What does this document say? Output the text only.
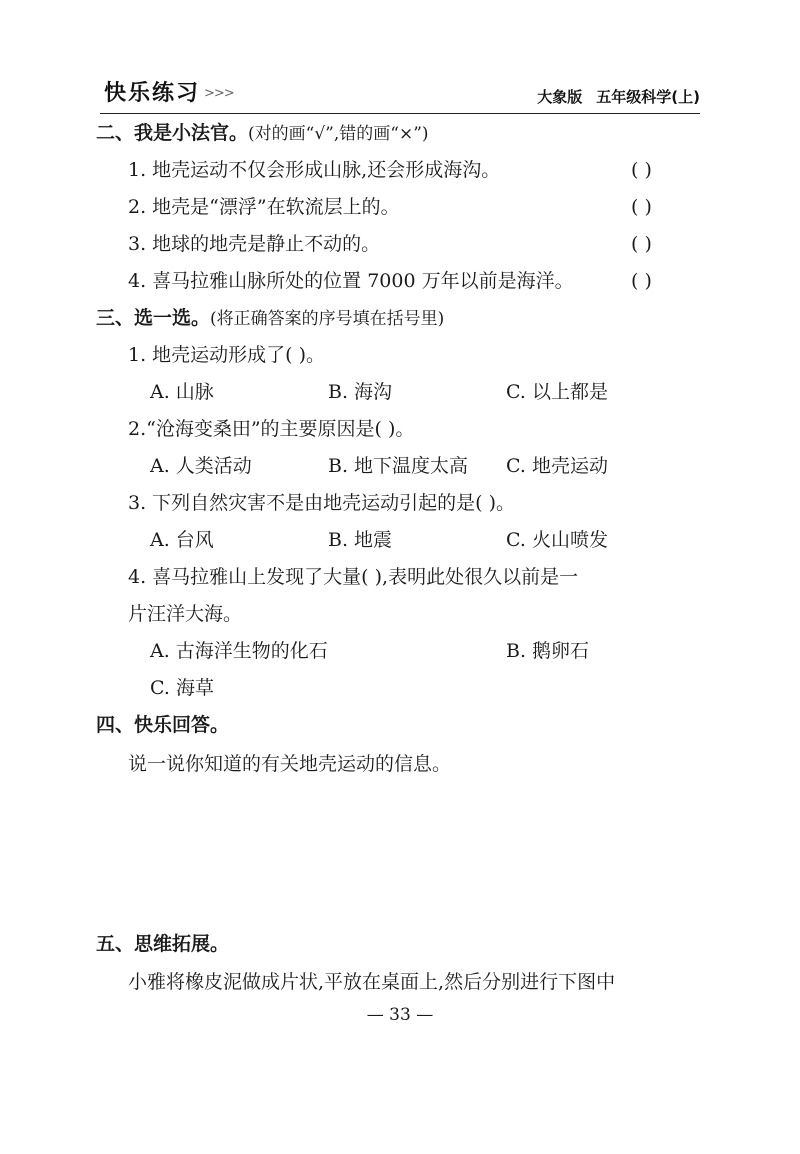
快乐练习 >>>	大象版 五年级科学(上)
二、我是小法官。(对的画“√”,错的画“×”)
1. 地壳运动不仅会形成山脉,还会形成海沟。	( )
2. 地壳是“漂浮”在软流层上的。	( )
3. 地球的地壳是静止不动的。	( )
4. 喜马拉雅山脉所处的位置 7000 万年以前是海洋。	( )
三、选一选。(将正确答案的序号填在括号里)
1. 地壳运动形成了( )。
A. 山脉	B. 海沟	C. 以上都是
2.“沧海变桑田”的主要原因是( )。
A. 人类活动	B. 地下温度太高 C. 地壳运动
3. 下列自然灾害不是由地壳运动引起的是( )。
A. 台风	B. 地震	C. 火山喷发
4. 喜马拉雅山上发现了大量( ),表明此处很久以前是一
片汪洋大海。
A. 古海洋生物的化石	B. 鹅卵石
C. 海草
四、快乐回答。
说一说你知道的有关地壳运动的信息。
五、思维拓展。
小雅将橡皮泥做成片状,平放在桌面上,然后分别进行下图中
— 33 —
